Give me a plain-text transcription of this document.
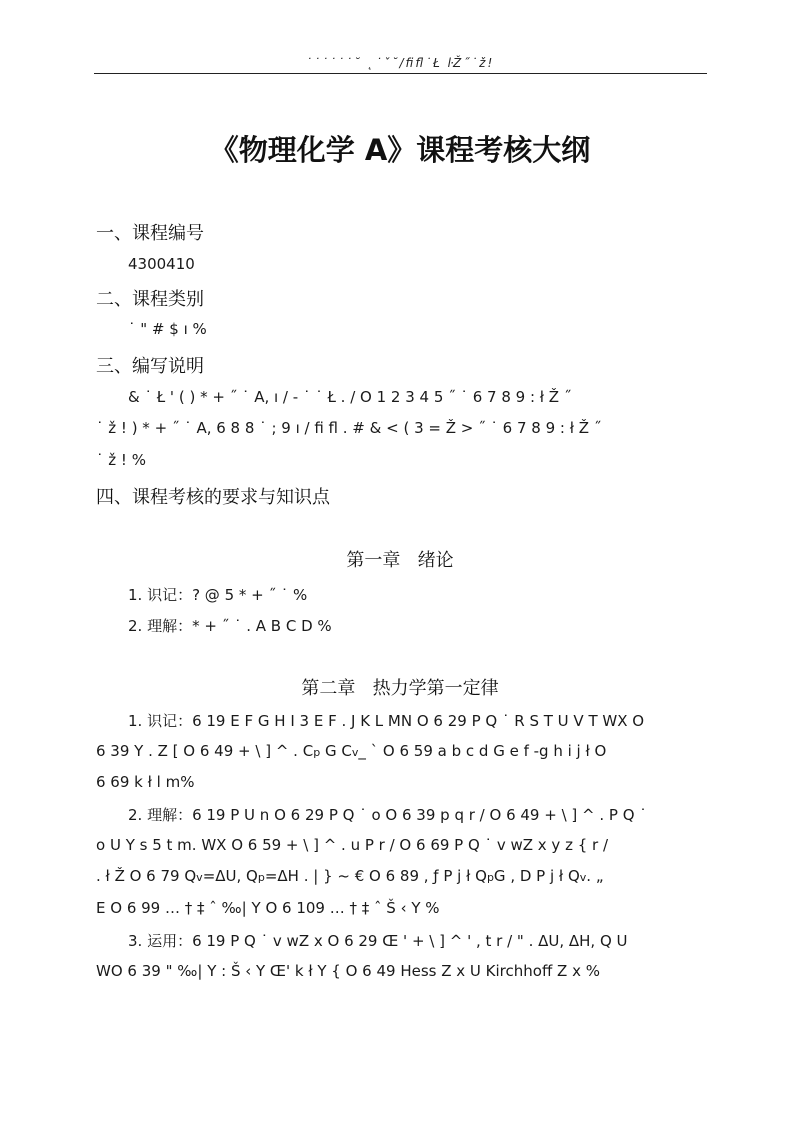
˙˙˙˙˙˙˘ ˛˙ˇ˘/ﬁﬂ˙Ł ŀŽ˝˙ž!
《物理化学 A》课程考核大纲
一、课程编号
4300410
二、课程类别
˙ " # $ ı %
三、编写说明
& ˙ Ł ' ( ) * + ˝ ˙ A, ı / - ˙ ˙ Ł . / O 1 2 3 4 5 ˝ ˙ 6 7 8 9 : ł Ž ˝
˙ ž ! ) * + ˝ ˙ A, 6 8 8 ˙ ; 9 ı / ﬁ ﬂ . # & < ( 3 = Ž > ˝ ˙ 6 7 8 9 : ł Ž ˝
˙ ž ! %
四、课程考核的要求与知识点
第一章   绪论
1. 识记：? @ 5 * + ˝ ˙ %
2. 理解：* + ˝ ˙ . A B C D %
第二章   热力学第一定律
1. 识记：6 19 E F G H I 3 E F . J K L MN O 6 29 P Q ˙ R S T U V T WX O
6 39 Y . Z [ O 6 49 + \ ] ^ . Cp G Cv_ ` O 6 59 a b c d G e f -g h i j ł O
6 69 k ł l m%
2. 理解：6 19 P U n O 6 29 P Q ˙ o O 6 39 p q r / O 6 49 + \ ] ^ . P Q ˙
o U Y s 5 t m. WX O 6 59 + \ ] ^ . u P r / O 6 69 P Q ˙ v wZ x y z { r /
. ł Ž O 6 79 Qv=ΔU, Qp=ΔH . | } ~ € O 6 89 , ƒ P j ł QpG , D P j ł Qv. „
E O 6 99 … † ‡ ˆ ‰| Y O 6 109 … † ‡ ˆ Š ‹ Y %
3. 运用：6 19 P Q ˙ v wZ x O 6 29 Œ ' + \ ] ^ ' , t r / " . ΔU, ΔH, Q U
WO 6 39 " ‰| Y : Š ‹ Y Œ' k ł Y { O 6 49 Hess Z x U Kirchhoff Z x %
